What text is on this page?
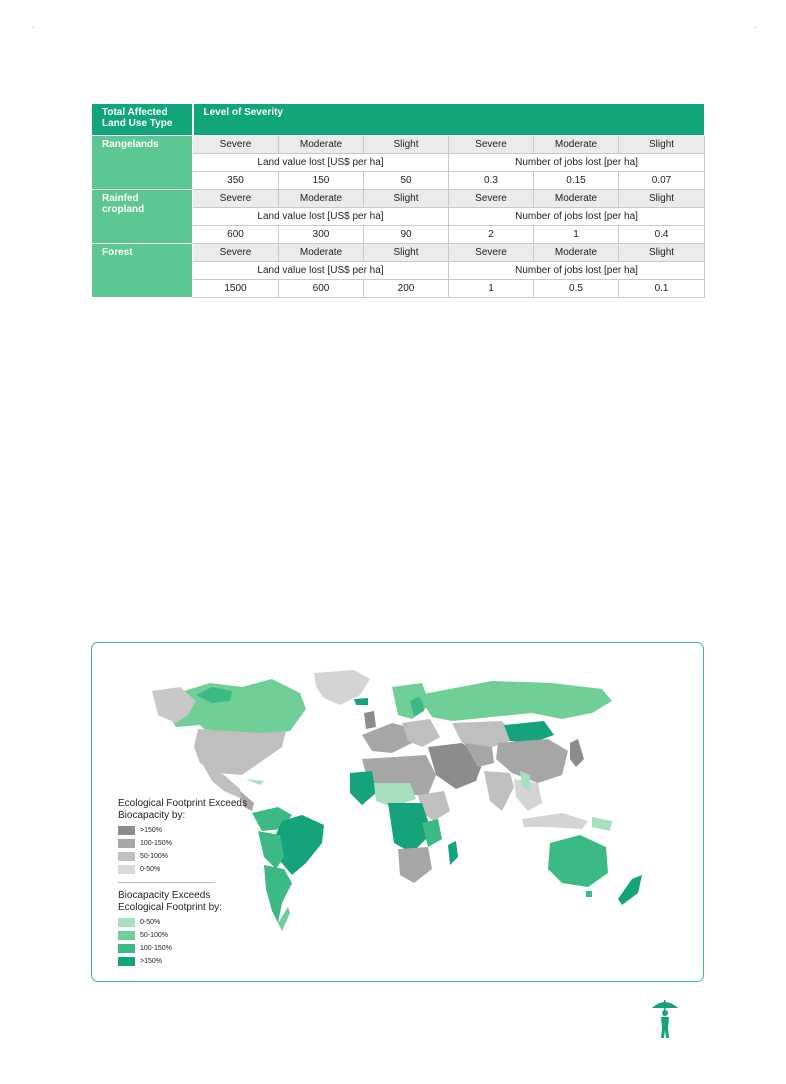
.	.
Total Affected Land Use Type	Level of Severity					
Rangelands	Severe	Moderate	Slight	Severe	Moderate	Slight
	Land value lost [US$ per ha]			Number of jobs lost [per ha]		
	350	150	50	0.3	0.15	0.07
Rainfed cropland	Severe	Moderate	Slight	Severe	Moderate	Slight
	Land value lost [US$ per ha]			Number of jobs lost [per ha]		
	600	300	90	2	1	0.4
Forest	Severe	Moderate	Slight	Severe	Moderate	Slight
	Land value lost [US$ per ha]			Number of jobs lost [per ha]		
	1500	600	200	1	0.5	0.1
Ecological Footprint Exceeds Biocapacity by:
>150%
100-150%
50-100%
0-50%
Biocapacity Exceeds Ecological Footprint by:
0-50%
50-100%
100-150%
>150%
